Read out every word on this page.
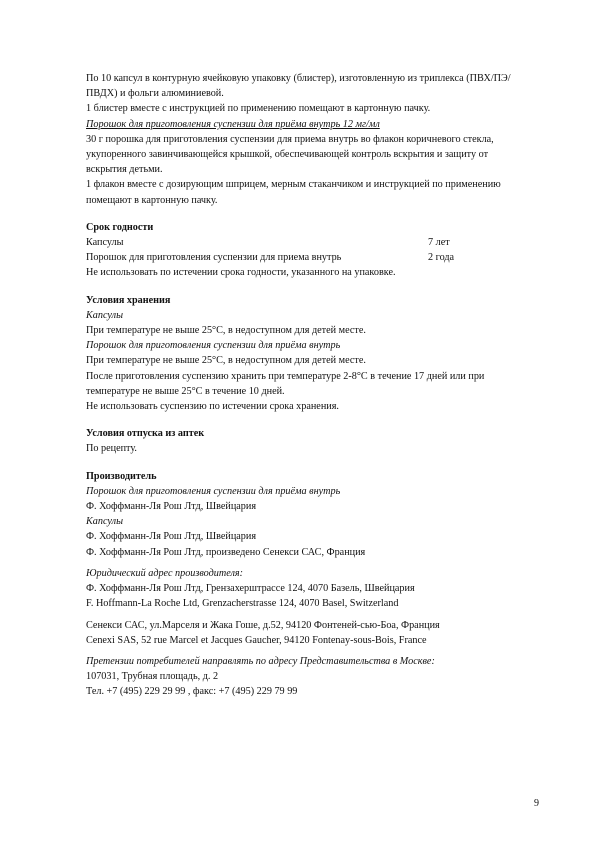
По 10 капсул в контурную ячейковую упаковку (блистер), изготовленную из триплекса (ПВХ/ПЭ/ПВДХ) и фольги алюминиевой.

1 блистер вместе с инструкцией по применению помещают в картонную пачку.

Порошок для приготовления суспензии для приёма внутрь 12 мг/мл

30 г порошка для приготовления суспензии для приема внутрь во флакон коричневого стекла, укупоренного завинчивающейся крышкой, обеспечивающей контроль вскрытия и защиту от вскрытия детьми.

1 флакон вместе с дозирующим шприцем, мерным стаканчиком и инструкцией по применению помещают в картонную пачку.

Срок годности

Капсулы	7 лет
Порошок для приготовления суспензии для приема внутрь	2 года

Не использовать по истечении срока годности, указанного на упаковке.

Условия хранения

Капсулы

При температуре не выше 25°С, в недоступном для детей месте.

Порошок для приготовления суспензии для приёма внутрь

При температуре не выше 25°С, в недоступном для детей месте.

После приготовления суспензию хранить при температуре 2-8°С в течение 17 дней или при температуре не выше 25°С в течение 10 дней.

Не использовать суспензию по истечении срока хранения.

Условия отпуска из аптек

По рецепту.

Производитель

Порошок для приготовления суспензии для приёма внутрь

Ф. Хоффманн-Ля Рош Лтд, Швейцария

Капсулы

Ф. Хоффманн-Ля Рош Лтд, Швейцария

Ф. Хоффманн-Ля Рош Лтд, произведено Сенекси САС, Франция

Юридический адрес производителя:

Ф. Хоффманн-Ля Рош Лтд, Грензахерштрассе 124, 4070 Базель, Швейцария

F. Hoffmann-La Roche Ltd, Grenzacherstrasse 124, 4070 Basel, Switzerland

Сенекси САС, ул.Марселя и Жака Гоше, д.52, 94120 Фонтеней-сью-Боа, Франция

Cenexi SAS, 52 rue Marcel et Jacques Gaucher, 94120 Fontenay-sous-Bois, France

Претензии потребителей направлять по адресу Представительства в Москве:

107031, Трубная площадь, д. 2

Тел. +7 (495) 229 29 99 , факс: +7 (495) 229 79 99

9
